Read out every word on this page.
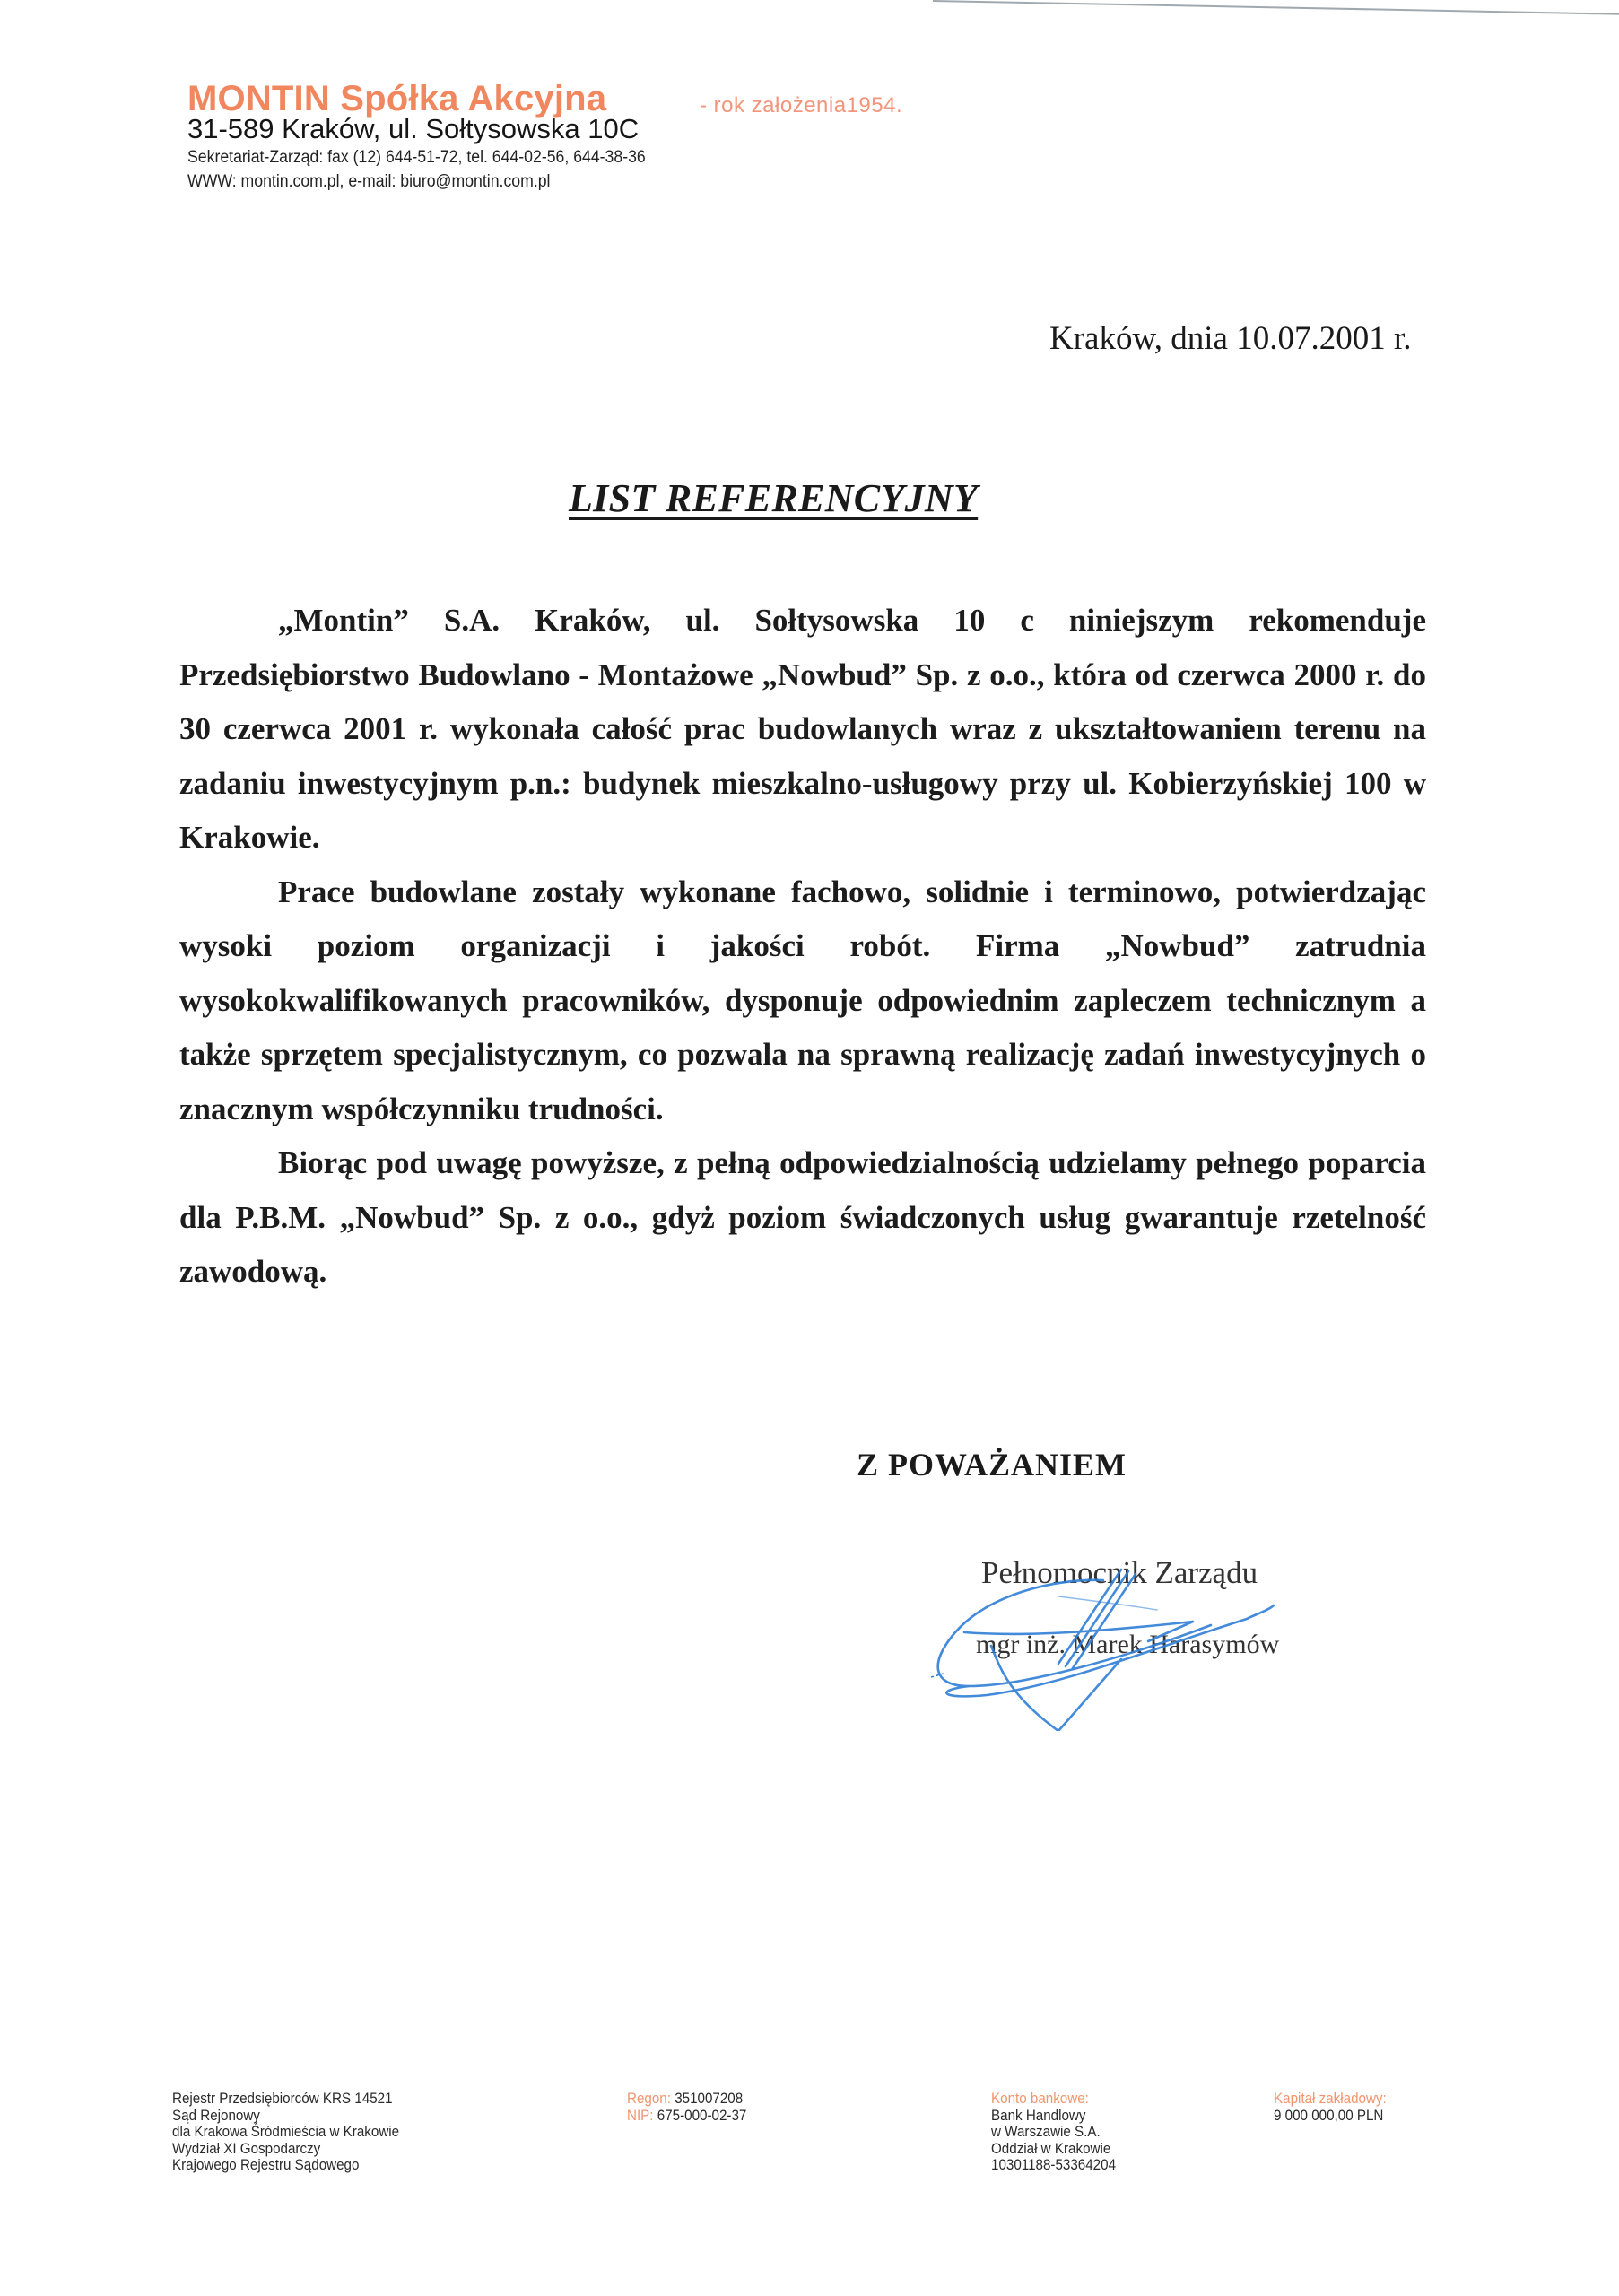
MONTIN Spółka Akcyjna	- rok założenia1954.
31-589 Kraków, ul. Sołtysowska 10C
Sekretariat-Zarząd: fax (12) 644-51-72, tel. 644-02-56, 644-38-36
WWW: montin.com.pl, e-mail: biuro@montin.com.pl
Kraków, dnia 10.07.2001 r.
LIST REFERENCYJNY

„Montin” S.A. Kraków, ul. Sołtysowska 10 c niniejszym rekomenduje Przedsiębiorstwo Budowlano - Montażowe „Nowbud” Sp. z o.o., która od czerwca 2000 r. do 30 czerwca 2001 r. wykonała całość prac budowlanych wraz z ukształtowaniem terenu na zadaniu inwestycyjnym p.n.: budynek mieszkalno-usługowy przy ul. Kobierzyńskiej 100 w Krakowie.

Prace budowlane zostały wykonane fachowo, solidnie i terminowo, potwierdzając wysoki poziom organizacji i jakości robót. Firma „Nowbud” zatrudnia wysokokwalifikowanych pracowników, dysponuje odpowiednim zapleczem technicznym a także sprzętem specjalistycznym, co pozwala na sprawną realizację zadań inwestycyjnych o znacznym współczynniku trudności.

Biorąc pod uwagę powyższe, z pełną odpowiedzialnością udzielamy pełnego poparcia dla P.B.M. „Nowbud” Sp. z o.o., gdyż poziom świadczonych usług gwarantuje rzetelność zawodową.

Z POWAŻANIEM
Pełnomocnik Zarządu
mgr inż. Marek Harasymów
Rejestr Przedsiębiorców KRS 14521
Sąd Rejonowy
dla Krakowa Śródmieścia w Krakowie
Wydział XI Gospodarczy
Krajowego Rejestru Sądowego
Regon: 351007208
NIP: 675-000-02-37
Konto bankowe:
Bank Handlowy
w Warszawie S.A.
Oddział w Krakowie
10301188-53364204
Kapitał zakładowy:
9 000 000,00 PLN
